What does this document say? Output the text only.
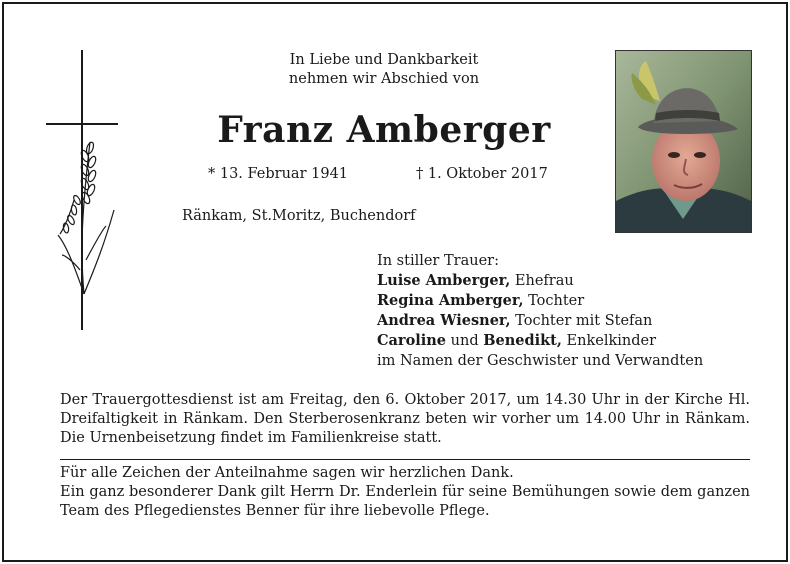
In Liebe und Dankbarkeit
nehmen wir Abschied von
Franz Amberger
* 13. Februar 1941	† 1. Oktober 2017
Ränkam, St.Moritz, Buchendorf
In stiller Trauer:
Luise Amberger, Ehefrau
Regina Amberger, Tochter
Andrea Wiesner, Tochter mit Stefan
Caroline und Benedikt, Enkelkinder
im Namen der Geschwister und Verwandten
Der Trauergottesdienst ist am Freitag, den 6. Oktober 2017, um 14.30 Uhr in der Kirche Hl. Dreifaltigkeit in Ränkam. Den Sterberosenkranz beten wir vorher um 14.00 Uhr in Ränkam. Die Urnenbeisetzung findet im Familienkreise statt.
Für alle Zeichen der Anteilnahme sagen wir herzlichen Dank.
Ein ganz besonderer Dank gilt Herrn Dr. Enderlein für seine Bemühungen sowie dem ganzen Team des Pflegedienstes Benner für ihre liebevolle Pflege.
